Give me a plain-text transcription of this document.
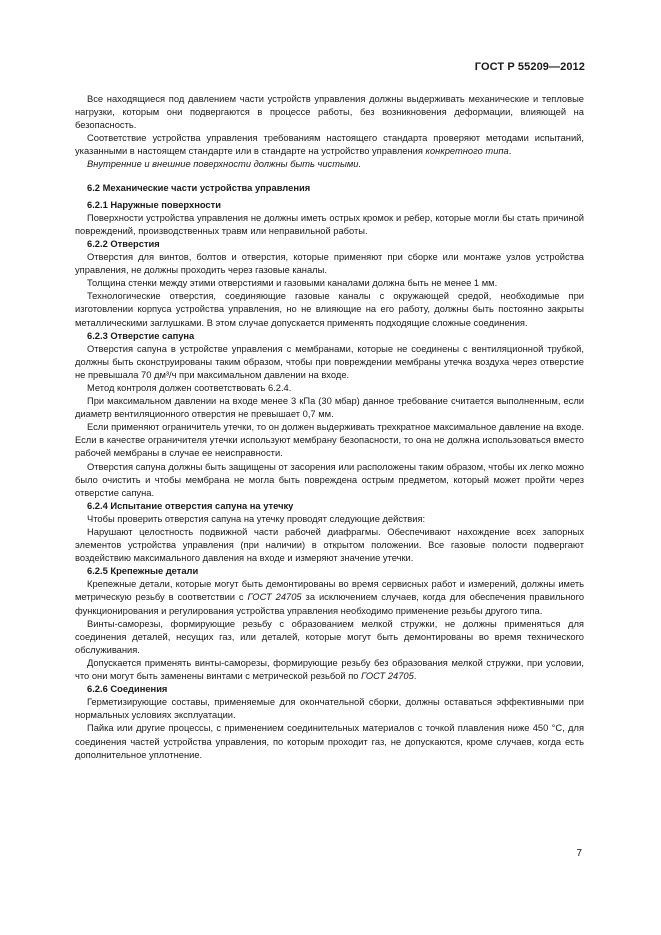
ГОСТ Р 55209—2012

Все находящиеся под давлением части устройств управления должны выдерживать механические и тепловые нагрузки, которым они подвергаются в процессе работы, без возникновения деформации, влияющей на безопасность.

Соответствие устройства управления требованиям настоящего стандарта проверяют методами испытаний, указанными в настоящем стандарте или в стандарте на устройство управления конкретного типа.

Внутренние и внешние поверхности должны быть чистыми.

6.2 Механические части устройства управления

6.2.1 Наружные поверхности

Поверхности устройства управления не должны иметь острых кромок и ребер, которые могли бы стать причиной повреждений, производственных травм или неправильной работы.

6.2.2 Отверстия

Отверстия для винтов, болтов и отверстия, которые применяют при сборке или монтаже узлов устройства управления, не должны проходить через газовые каналы.

Толщина стенки между этими отверстиями и газовыми каналами должна быть не менее 1 мм.

Технологические отверстия, соединяющие газовые каналы с окружающей средой, необходимые при изготовлении корпуса устройства управления, но не влияющие на его работу, должны быть постоянно закрыты металлическими заглушками. В этом случае допускается применять подходящие сложные соединения.

6.2.3 Отверстие сапуна

Отверстия сапуна в устройстве управления с мембранами, которые не соединены с вентиляционной трубкой, должны быть сконструированы таким образом, чтобы при повреждении мембраны утечка воздуха через отверстие не превышала 70 дм³/ч при максимальном давлении на входе.

Метод контроля должен соответствовать 6.2.4.

При максимальном давлении на входе менее 3 кПа (30 мбар) данное требование считается выполненным, если диаметр вентиляционного отверстия не превышает 0,7 мм.

Если применяют ограничитель утечки, то он должен выдерживать трехкратное максимальное давление на входе. Если в качестве ограничителя утечки используют мембрану безопасности, то она не должна использоваться вместо рабочей мембраны в случае ее неисправности.

Отверстия сапуна должны быть защищены от засорения или расположены таким образом, чтобы их легко можно было очистить и чтобы мембрана не могла быть повреждена острым предметом, который может пройти через отверстие сапуна.

6.2.4 Испытание отверстия сапуна на утечку

Чтобы проверить отверстия сапуна на утечку проводят следующие действия:

Нарушают целостность подвижной части рабочей диафрагмы. Обеспечивают нахождение всех запорных элементов устройства управления (при наличии) в открытом положении. Все газовые полости подвергают воздействию максимального давления на входе и измеряют значение утечки.

6.2.5 Крепежные детали

Крепежные детали, которые могут быть демонтированы во время сервисных работ и измерений, должны иметь метрическую резьбу в соответствии с ГОСТ 24705 за исключением случаев, когда для обеспечения правильного функционирования и регулирования устройства управления необходимо применение резьбы другого типа.

Винты-саморезы, формирующие резьбу с образованием мелкой стружки, не должны применяться для соединения деталей, несущих газ, или деталей, которые могут быть демонтированы во время технического обслуживания.

Допускается применять винты-саморезы, формирующие резьбу без образования мелкой стружки, при условии, что они могут быть заменены винтами с метрической резьбой по ГОСТ 24705.

6.2.6 Соединения

Герметизирующие составы, применяемые для окончательной сборки, должны оставаться эффективными при нормальных условиях эксплуатации.

Пайка или другие процессы, с применением соединительных материалов с точкой плавления ниже 450 °С, для соединения частей устройства управления, по которым проходит газ, не допускаются, кроме случаев, когда есть дополнительное уплотнение.

7
